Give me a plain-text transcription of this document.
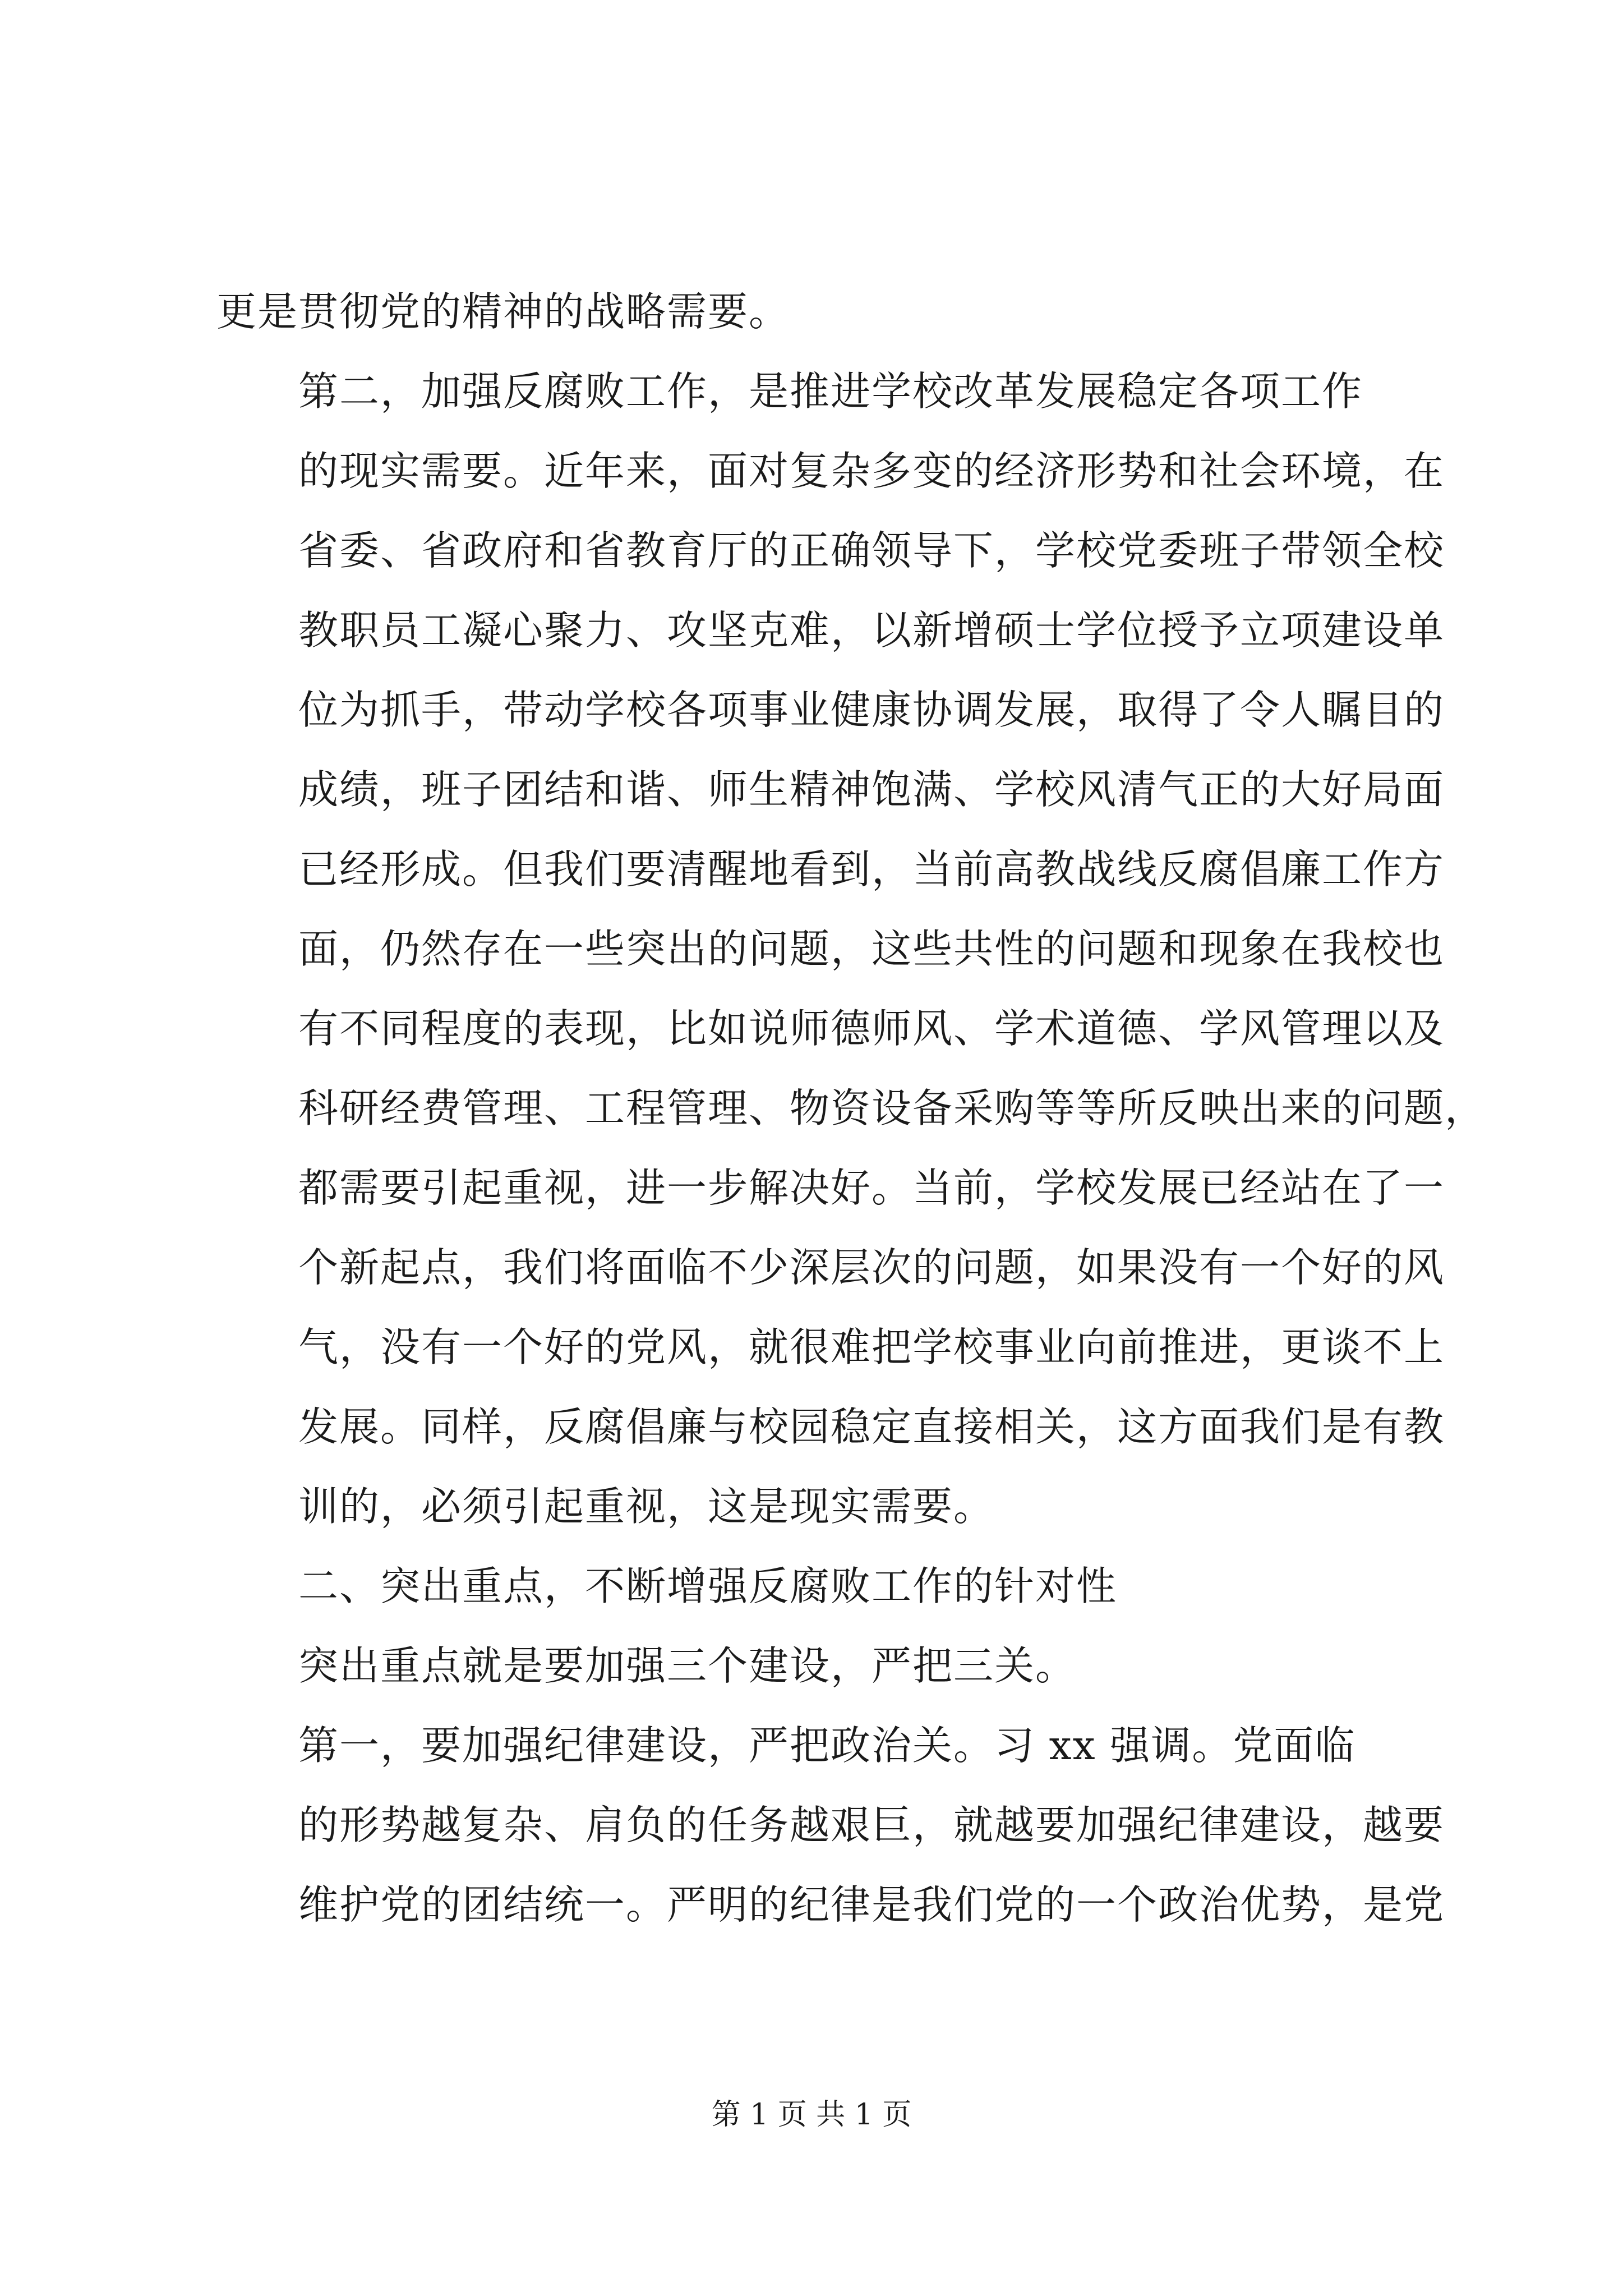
更是贯彻党的精神的战略需要。
第二，加强反腐败工作，是推进学校改革发展稳定各项工作
的现实需要。近年来，面对复杂多变的经济形势和社会环境，在
省委、省政府和省教育厅的正确领导下，学校党委班子带领全校
教职员工凝心聚力、攻坚克难，以新增硕士学位授予立项建设单
位为抓手，带动学校各项事业健康协调发展，取得了令人瞩目的
成绩，班子团结和谐、师生精神饱满、学校风清气正的大好局面
已经形成。但我们要清醒地看到，当前高教战线反腐倡廉工作方
面，仍然存在一些突出的问题，这些共性的问题和现象在我校也
有不同程度的表现，比如说师德师风、学术道德、学风管理以及
科研经费管理、工程管理、物资设备采购等等所反映出来的问题，
都需要引起重视，进一步解决好。当前，学校发展已经站在了一
个新起点，我们将面临不少深层次的问题，如果没有一个好的风
气，没有一个好的党风，就很难把学校事业向前推进，更谈不上
发展。同样，反腐倡廉与校园稳定直接相关，这方面我们是有教
训的，必须引起重视，这是现实需要。
二、突出重点，不断增强反腐败工作的针对性
突出重点就是要加强三个建设，严把三关。
第一，要加强纪律建设，严把政治关。习 xx 强调。党面临
的形势越复杂、肩负的任务越艰巨，就越要加强纪律建设，越要
维护党的团结统一。严明的纪律是我们党的一个政治优势，是党
第 1 页 共 1 页
